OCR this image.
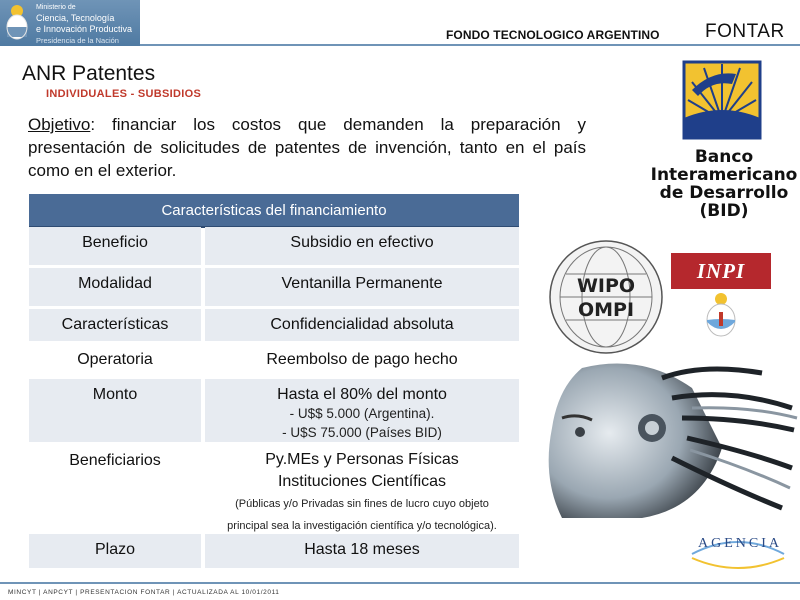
Ministerio de
Ciencia, Tecnología
e Innovación Productiva
Presidencia de la Nación	FONDO TECNOLOGICO ARGENTINO FONTAR
ANR Patentes
INDIVIDUALES - SUBSIDIOS
Objetivo: financiar los costos que demanden la preparación y presentación de solicitudes de patentes de invención, tanto en el país como en el exterior.
Características del financiamiento
Beneficio	Subsidio en efectivo
Modalidad	Ventanilla Permanente
Características	Confidencialidad absoluta
Operatoria	Reembolso de pago hecho
Monto	Hasta el 80% del monto
- U$$ 5.000 (Argentina).
- U$S 75.000 (Países BID)
Beneficiarios	Py.MEs y Personas Físicas Instituciones Científicas
(Públicas y/o Privadas sin fines de lucro cuyo objeto
principal sea la investigación científica y/o tecnológica).
Plazo	Hasta 18 meses
Banco
Interamericano
de Desarrollo
(BID)
WIPO
OMPI
INPI
AGENCIA
MINCYT | ANPCYT | PRESENTACION FONTAR | ACTUALIZADA AL 10/01/2011
